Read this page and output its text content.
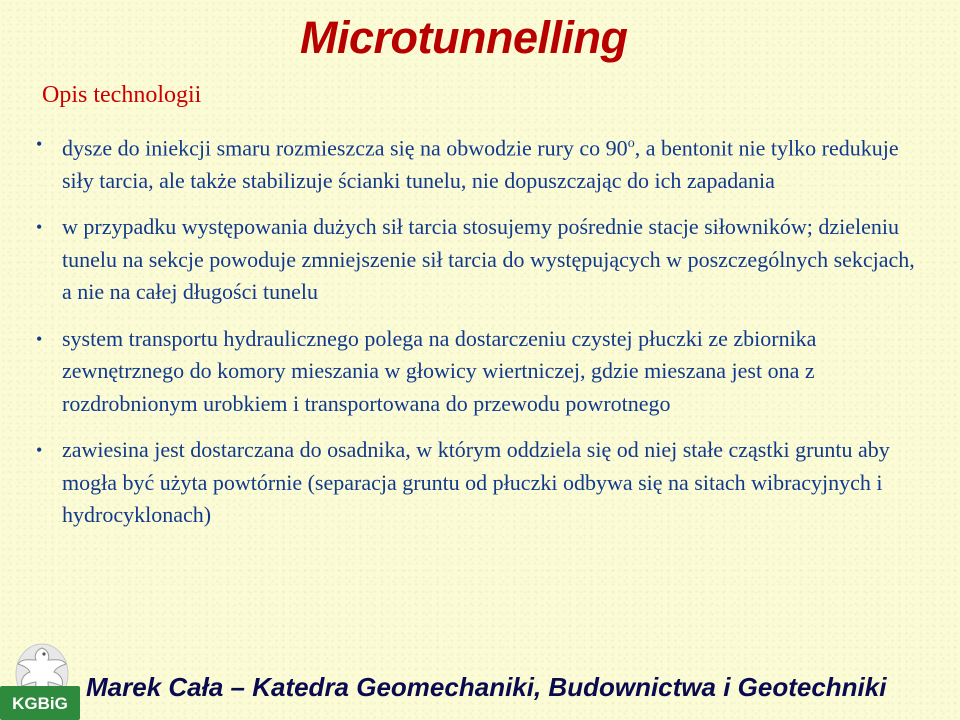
Microtunnelling
Opis technologii
• dysze do iniekcji smaru rozmieszcza się na obwodzie rury co 90$^o$, a bentonit nie tylko redukuje siły tarcia, ale także stabilizuje ścianki tunelu, nie dopuszczając do ich zapadania
• w przypadku występowania dużych sił tarcia stosujemy pośrednie stacje siłowników; dzieleniu tunelu na sekcje powoduje zmniejszenie sił tarcia do występujących w poszczególnych sekcjach, a nie na całej długości tunelu
• system transportu hydraulicznego polega na dostarczeniu czystej płuczki ze zbiornika zewnętrznego do komory mieszania w głowicy wiertniczej, gdzie mieszana jest ona z rozdrobnionym urobkiem i transportowana do przewodu powrotnego
• zawiesina jest dostarczana do osadnika, w którym oddziela się od niej stałe cząstki gruntu aby mogła być użyta powtórnie (separacja gruntu od płuczki odbywa się na sitach wibracyjnych i hydrocyklonach)
KGBiG
Marek Cała – Katedra Geomechaniki, Budownictwa i Geotechniki
